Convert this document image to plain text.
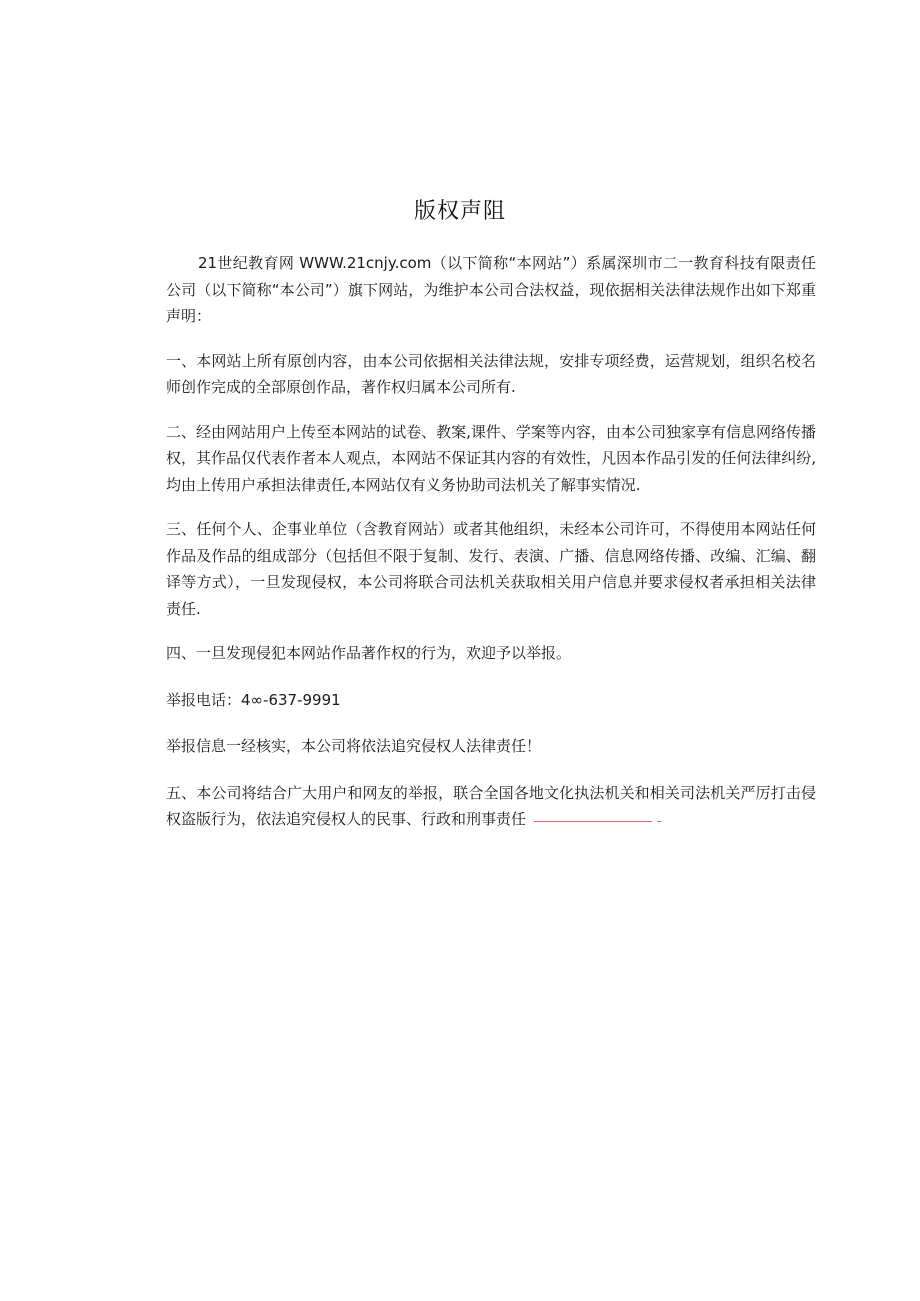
版权声阻

21世纪教育网 WWW.21cnjy.com（以下简称“本网站”）系属深圳市二一教育科技有限责任公司（以下简称“本公司”）旗下网站，为维护本公司合法权益，现依据相关法律法规作出如下郑重声明：

一、本网站上所有原创内容，由本公司依据相关法律法规，安排专项经费，运营规划，组织名校名师创作完成的全部原创作品，著作权归属本公司所有.

二、经由网站用户上传至本网站的试卷、教案,课件、学案等内容，由本公司独家享有信息网络传播权，其作品仅代表作者本人观点，本网站不保证其内容的有效性，凡因本作品引发的任何法律纠纷,均由上传用户承担法律责任,本网站仅有义务协助司法机关了解事实情况.

三、任何个人、企事业单位（含教育网站）或者其他组织，未经本公司许可，不得使用本网站任何作品及作品的组成部分（包括但不限于复制、发行、表演、广播、信息网络传播、改编、汇编、翻译等方式），一旦发现侵权，本公司将联合司法机关获取相关用户信息并要求侵权者承担相关法律责任.

四、一旦发现侵犯本网站作品著作权的行为，欢迎予以举报。

举报电话：4∞-637-9991

举报信息一经核实，本公司将依法追究侵权人法律责任！

五、本公司将结合广大用户和网友的举报，联合全国各地文化执法机关和相关司法机关严厉打击侵权盗版行为，依法追究侵权人的民事、行政和刑事责任
